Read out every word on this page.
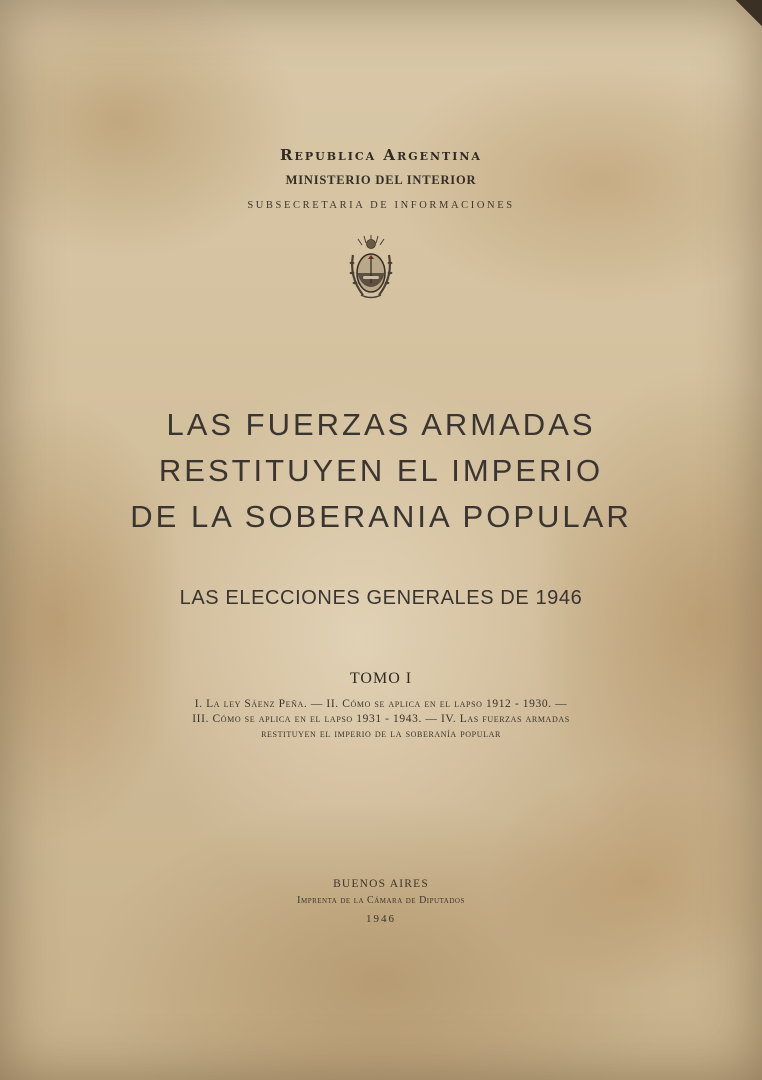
Republica Argentina
MINISTERIO DEL INTERIOR
SUBSECRETARIA DE INFORMACIONES
LAS FUERZAS ARMADAS
RESTITUYEN EL IMPERIO
DE LA SOBERANIA POPULAR
LAS ELECCIONES GENERALES DE 1946
TOMO I
I. La ley Sáenz Peña. — II. Cómo se aplica en el lapso 1912 - 1930. —
III. Cómo se aplica en el lapso 1931 - 1943. — IV. Las fuerzas armadas
restituyen el imperio de la soberanía popular
BUENOS AIRES
Imprenta de la Cámara de Diputados
1946
